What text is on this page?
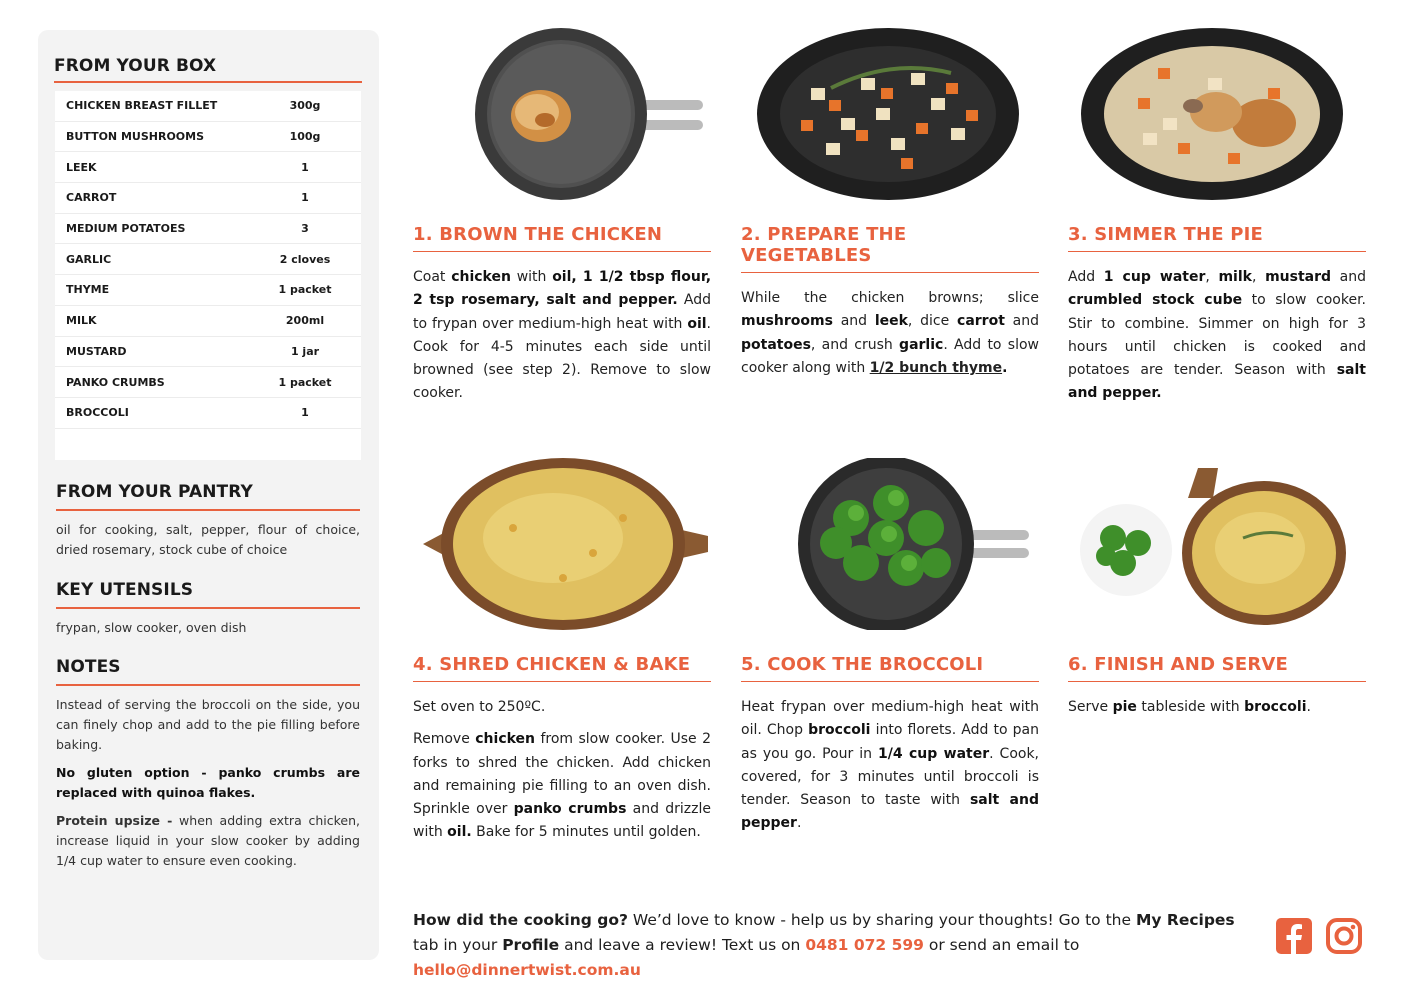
FROM YOUR BOX
CHICKEN BREAST FILLET	300g
BUTTON MUSHROOMS	100g
LEEK	1
CARROT	1
MEDIUM POTATOES	3
GARLIC	2 cloves
THYME	1 packet
MILK	200ml
MUSTARD	1 jar
PANKO CRUMBS	1 packet
BROCCOLI	1
FROM YOUR PANTRY

oil for cooking, salt, pepper, flour of choice, dried rosemary, stock cube of choice

KEY UTENSILS

frypan, slow cooker, oven dish

NOTES

Instead of serving the broccoli on the side, you can finely chop and add to the pie filling before baking.

No gluten option - panko crumbs are replaced with quinoa flakes.

Protein upsize - when adding extra chicken, increase liquid in your slow cooker by adding 1/4 cup water to ensure even cooking.

1. BROWN THE CHICKEN
Coat chicken with oil, 1 1/2 tbsp flour, 2 tsp rosemary, salt and pepper. Add to frypan over medium-high heat with oil. Cook for 4-5 minutes each side until browned (see step 2). Remove to slow cooker.
2. PREPARE THE VEGETABLES
While the chicken browns; slice mushrooms and leek, dice carrot and potatoes, and crush garlic. Add to slow cooker along with 1/2 bunch thyme.
3. SIMMER THE PIE
Add 1 cup water, milk, mustard and crumbled stock cube to slow cooker. Stir to combine. Simmer on high for 3 hours until chicken is cooked and potatoes are tender. Season with salt and pepper.
4. SHRED CHICKEN & BAKE

Set oven to 250ºC.

Remove chicken from slow cooker. Use 2 forks to shred the chicken. Add chicken and remaining pie filling to an oven dish. Sprinkle over panko crumbs and drizzle with oil. Bake for 5 minutes until golden.

5. COOK THE BROCCOLI
Heat frypan over medium-high heat with oil. Chop broccoli into florets. Add to pan as you go. Pour in 1/4 cup water. Cook, covered, for 3 minutes until broccoli is tender. Season to taste with salt and pepper.
6. FINISH AND SERVE
Serve pie tableside with broccoli.
How did the cooking go? We’d love to know - help us by sharing your thoughts! Go to the My Recipes tab in your Profile and leave a review! Text us on 0481 072 599 or send an email to hello@dinnertwist.com.au
